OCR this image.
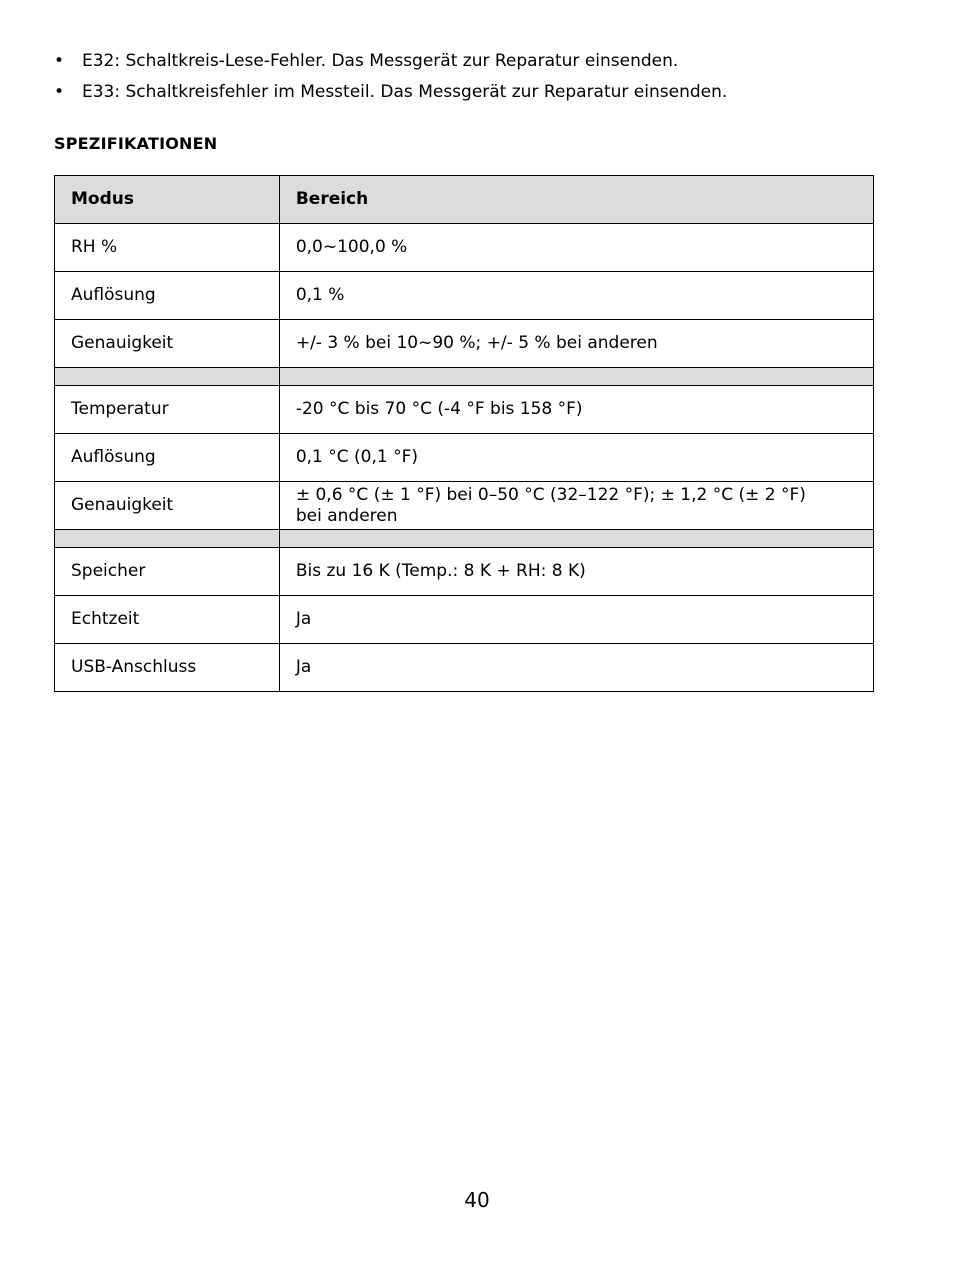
• E32: Schaltkreis-Lese-Fehler. Das Messgerät zur Reparatur einsenden.
• E33: Schaltkreisfehler im Messteil. Das Messgerät zur Reparatur einsenden.
SPEZIFIKATIONEN
Modus	Bereich
RH %	0,0~100,0 %
Auflösung	0,1 %
Genauigkeit	+/- 3 % bei 10~90 %; +/- 5 % bei anderen

Temperatur	-20 °C bis 70 °C (-4 °F bis 158 °F)
Auflösung	0,1 °C (0,1 °F)
Genauigkeit	± 0,6 °C (± 1 °F) bei 0–50 °C (32–122 °F); ± 1,2 °C (± 2 °F)
bei anderen

Speicher	Bis zu 16 K (Temp.: 8 K + RH: 8 K)
Echtzeit	Ja
USB-Anschluss	Ja
40
